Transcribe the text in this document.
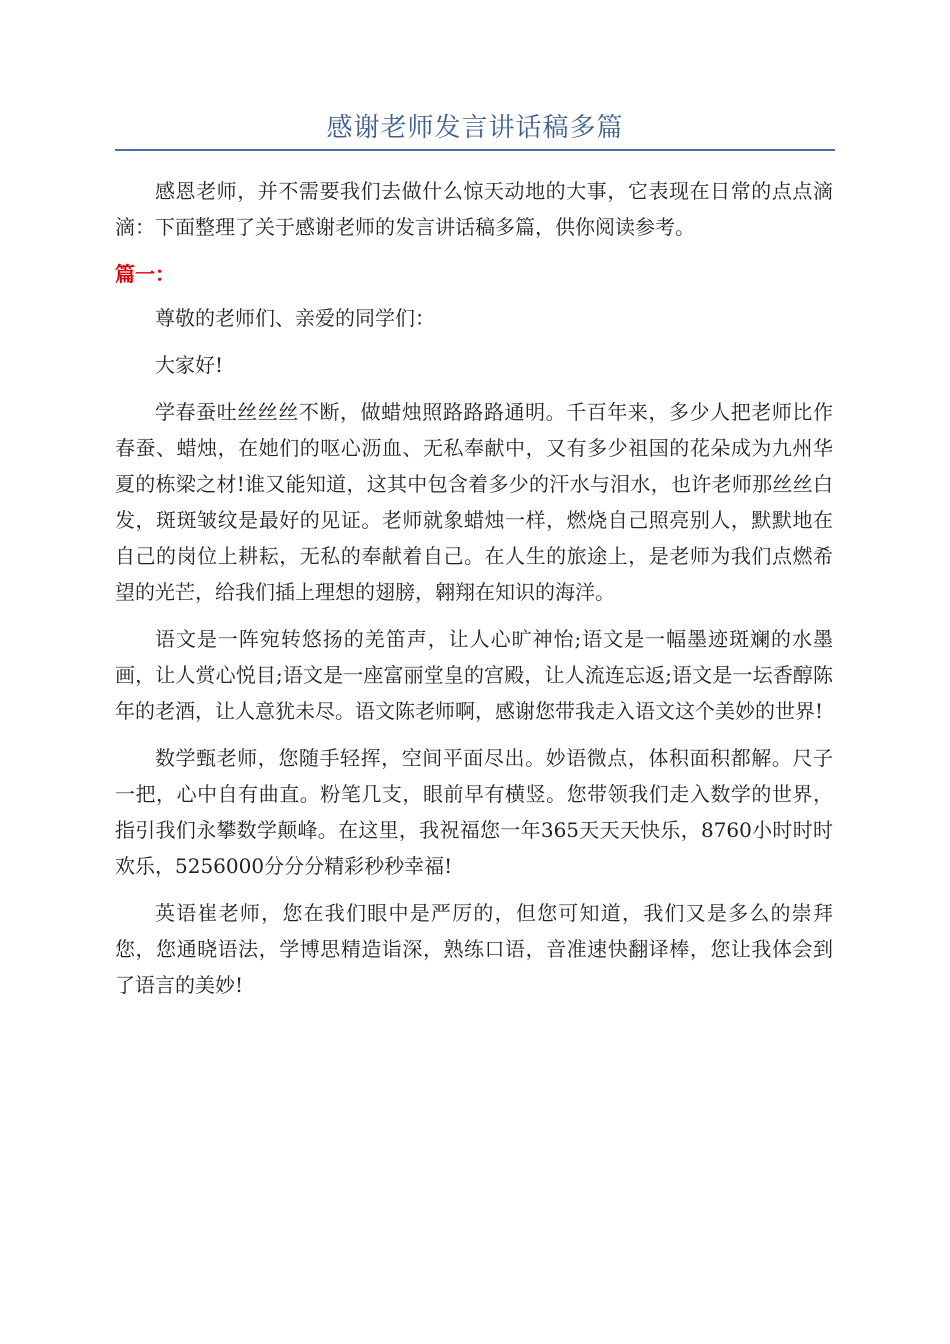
感谢老师发言讲话稿多篇

感恩老师，并不需要我们去做什么惊天动地的大事，它表现在日常的点点滴滴：下面整理了关于感谢老师的发言讲话稿多篇，供你阅读参考。

篇一：

尊敬的老师们、亲爱的同学们：

大家好!

学春蚕吐丝丝丝不断，做蜡烛照路路路通明。千百年来，多少人把老师比作春蚕、蜡烛，在她们的呕心沥血、无私奉献中，又有多少祖国的花朵成为九州华夏的栋梁之材!谁又能知道，这其中包含着多少的汗水与泪水，也许老师那丝丝白发，斑斑皱纹是最好的见证。老师就象蜡烛一样，燃烧自己照亮别人，默默地在自己的岗位上耕耘，无私的奉献着自己。在人生的旅途上，是老师为我们点燃希望的光芒，给我们插上理想的翅膀，翱翔在知识的海洋。

语文是一阵宛转悠扬的羌笛声，让人心旷神怡;语文是一幅墨迹斑斓的水墨画，让人赏心悦目;语文是一座富丽堂皇的宫殿，让人流连忘返;语文是一坛香醇陈年的老酒，让人意犹未尽。语文陈老师啊，感谢您带我走入语文这个美妙的世界!

数学甄老师，您随手轻挥，空间平面尽出。妙语微点，体积面积都解。尺子一把，心中自有曲直。粉笔几支，眼前早有横竖。您带领我们走入数学的世界，指引我们永攀数学颠峰。在这里，我祝福您一年365天天天快乐，8760小时时时欢乐，5256000分分分精彩秒秒幸福!

英语崔老师，您在我们眼中是严厉的，但您可知道，我们又是多么的崇拜您，您通晓语法，学博思精造诣深，熟练口语，音准速快翻译棒，您让我体会到了语言的美妙!
